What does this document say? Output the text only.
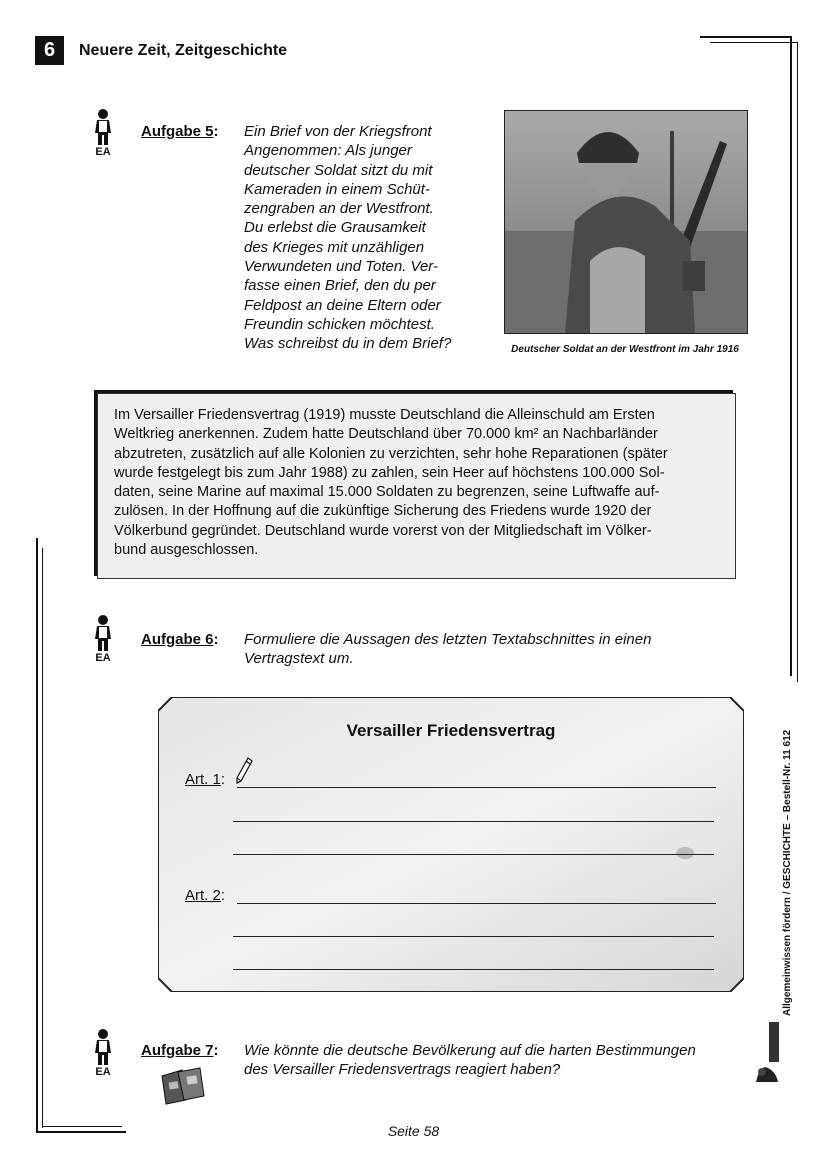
6	Neuere Zeit, Zeitgeschichte
EA
Aufgabe 5: Ein Brief von der Kriegsfront
Angenommen: Als junger
deutscher Soldat sitzt du mit
Kameraden in einem Schüt-
zengraben an der Westfront.
Du erlebst die Grausamkeit
des Krieges mit unzähligen
Verwundeten und Toten. Ver-
fasse einen Brief, den du per
Feldpost an deine Eltern oder
Freundin schicken möchtest.
Was schreibst du in dem Brief?	Deutscher Soldat an der Westfront im Jahr 1916
Im Versailler Friedensvertrag (1919) musste Deutschland die Alleinschuld am Ersten
Weltkrieg anerkennen. Zudem hatte Deutschland über 70.000 km² an Nachbarländer
abzutreten, zusätzlich auf alle Kolonien zu verzichten, sehr hohe Reparationen (später
wurde festgelegt bis zum Jahr 1988) zu zahlen, sein Heer auf höchstens 100.000 Sol-
daten, seine Marine auf maximal 15.000 Soldaten zu begrenzen, seine Luftwaffe auf-
zulösen. In der Hoffnung auf die zukünftige Sicherung des Friedens wurde 1920 der
Völkerbund gegründet. Deutschland wurde vorerst von der Mitgliedschaft im Völker-
bund ausgeschlossen.
EA
Aufgabe 6: Formuliere die Aussagen des letzten Textabschnittes in einen
Vertragstext um.
Versailler Friedensvertrag
Art. 1:
Art. 2:
EA
Aufgabe 7: Wie könnte die deutsche Bevölkerung auf die harten Bestimmungen
des Versailler Friedensvertrags reagiert haben?
Allgemeinwissen fördern / GESCHICHTE – Bestell-Nr. 11 612
Seite 58
